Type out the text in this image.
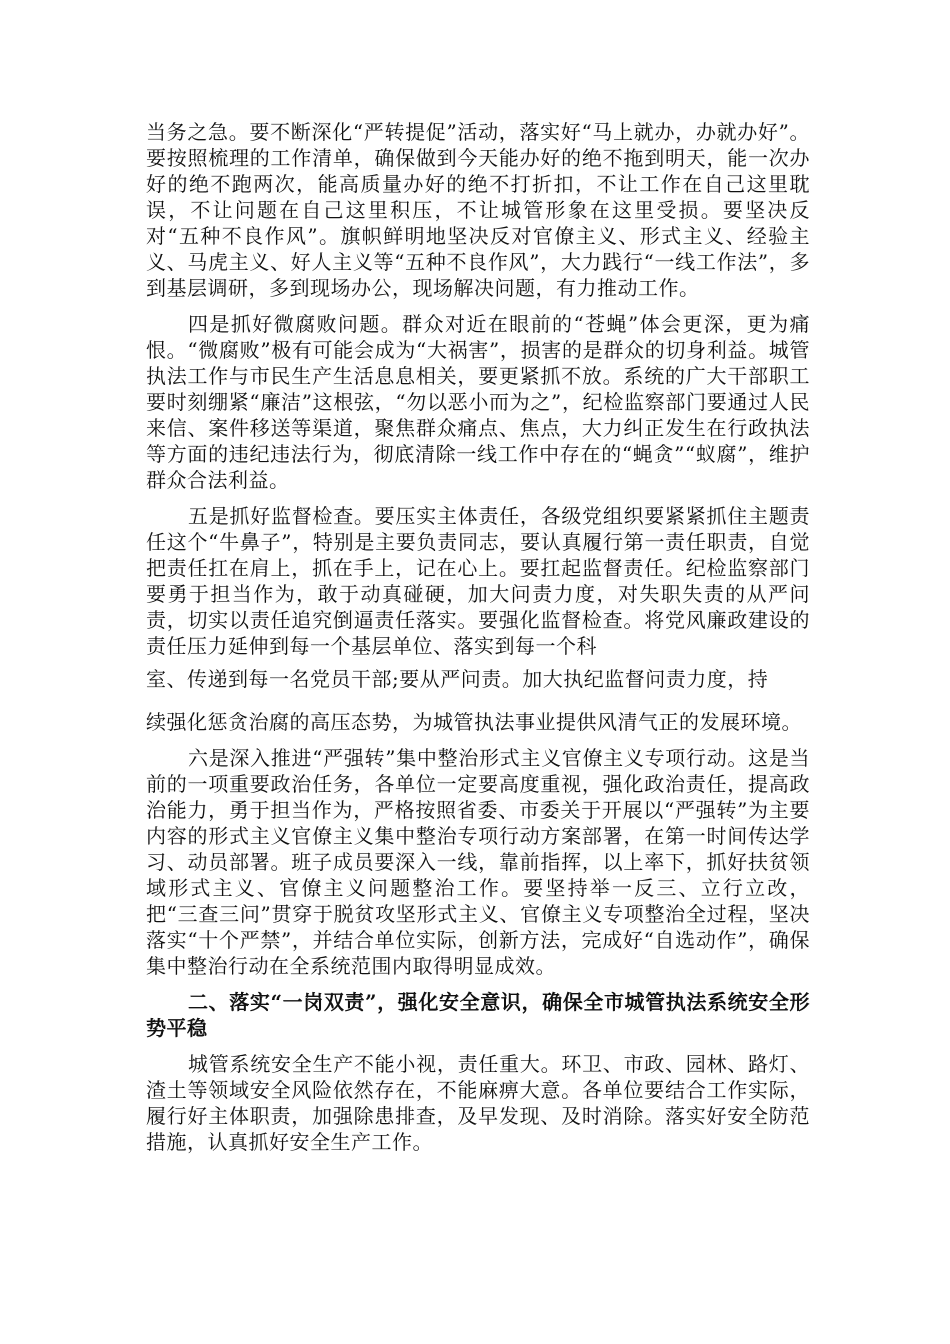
当务之急。要不断深化“严转提促”活动，落实好“马上就办，办就办好”。要按照梳理的工作清单，确保做到今天能办好的绝不拖到明天，能一次办好的绝不跑两次，能高质量办好的绝不打折扣，不让工作在自己这里耽误，不让问题在自己这里积压，不让城管形象在这里受损。要坚决反对“五种不良作风”。旗帜鲜明地坚决反对官僚主义、形式主义、经验主义、马虎主义、好人主义等“五种不良作风”，大力践行“一线工作法”，多到基层调研，多到现场办公，现场解决问题，有力推动工作。

四是抓好微腐败问题。群众对近在眼前的“苍蝇”体会更深，更为痛恨。“微腐败”极有可能会成为“大祸害”，损害的是群众的切身利益。城管执法工作与市民生产生活息息相关，要更紧抓不放。系统的广大干部职工要时刻绷紧“廉洁”这根弦，“勿以恶小而为之”，纪检监察部门要通过人民来信、案件移送等渠道，聚焦群众痛点、焦点，大力纠正发生在行政执法等方面的违纪违法行为，彻底清除一线工作中存在的“蝇贪”“蚁腐”，维护群众合法利益。

五是抓好监督检查。要压实主体责任，各级党组织要紧紧抓住主题责任这个“牛鼻子”，特别是主要负责同志，要认真履行第一责任职责，自觉把责任扛在肩上，抓在手上，记在心上。要扛起监督责任。纪检监察部门要勇于担当作为，敢于动真碰硬，加大问责力度，对失职失责的从严问责，切实以责任追究倒逼责任落实。要强化监督检查。将党风廉政建设的责任压力延伸到每一个基层单位、落实到每一个科
室、传递到每一名党员干部;要从严问责。加大执纪监督问责力度，持
续强化惩贪治腐的高压态势，为城管执法事业提供风清气正的发展环境。

六是深入推进“严强转”集中整治形式主义官僚主义专项行动。这是当前的一项重要政治任务，各单位一定要高度重视，强化政治责任，提高政治能力，勇于担当作为，严格按照省委、市委关于开展以“严强转”为主要内容的形式主义官僚主义集中整治专项行动方案部署，在第一时间传达学习、动员部署。班子成员要深入一线，靠前指挥，以上率下，抓好扶贫领域形式主义、官僚主义问题整治工作。要坚持举一反三、立行立改，把“三查三问”贯穿于脱贫攻坚形式主义、官僚主义专项整治全过程，坚决落实“十个严禁”，并结合单位实际，创新方法，完成好“自选动作”，确保集中整治行动在全系统范围内取得明显成效。

二、落实“一岗双责”，强化安全意识，确保全市城管执法系统安全形势平稳

城管系统安全生产不能小视，责任重大。环卫、市政、园林、路灯、渣土等领域安全风险依然存在，不能麻痹大意。各单位要结合工作实际，履行好主体职责，加强除患排查，及早发现、及时消除。落实好安全防范措施，认真抓好安全生产工作。
